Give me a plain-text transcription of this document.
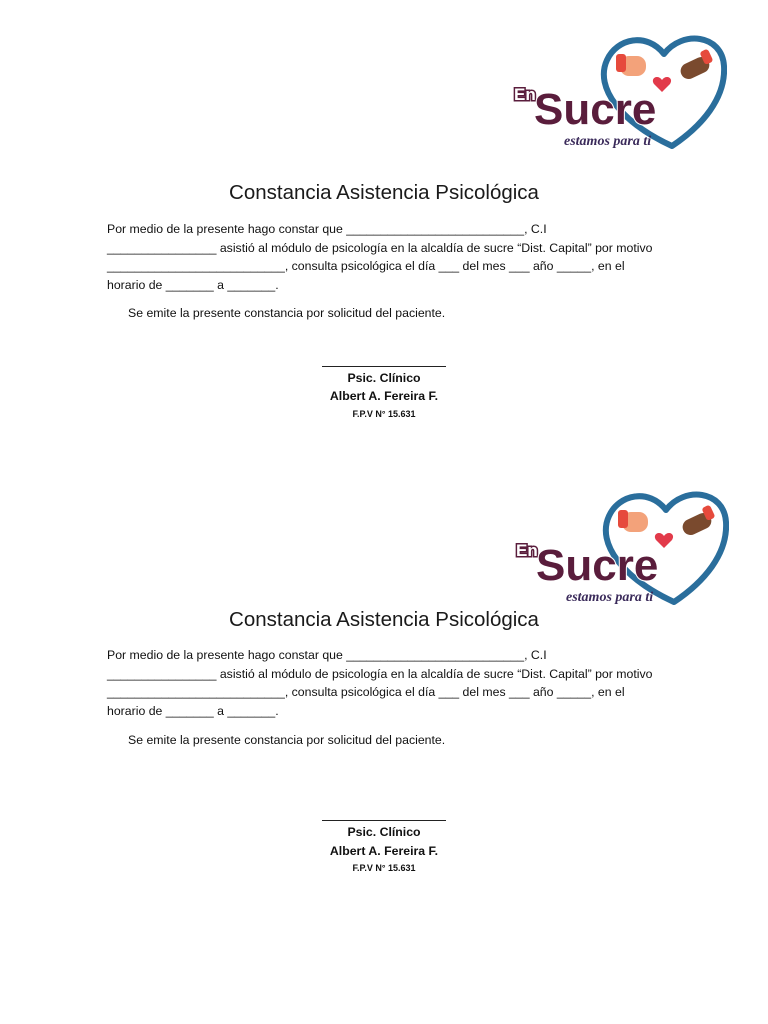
En
Sucre
estamos para ti
Constancia Asistencia Psicológica
Por medio de la presente hago constar que __________________________, C.I
________________ asistió al módulo de psicología en la alcaldía de sucre “Dist. Capital” por motivo
__________________________, consulta psicológica el día ___ del mes ___ año _____, en el
horario de _______ a _______.
Se emite la presente constancia por solicitud del paciente.
Psic. Clínico
Albert A. Fereira F.
F.P.V N° 15.631
En
Sucre
estamos para ti
Constancia Asistencia Psicológica
Por medio de la presente hago constar que __________________________, C.I
________________ asistió al módulo de psicología en la alcaldía de sucre “Dist. Capital” por motivo
__________________________, consulta psicológica el día ___ del mes ___ año _____, en el
horario de _______ a _______.
Se emite la presente constancia por solicitud del paciente.
Psic. Clínico
Albert A. Fereira F.
F.P.V N° 15.631
